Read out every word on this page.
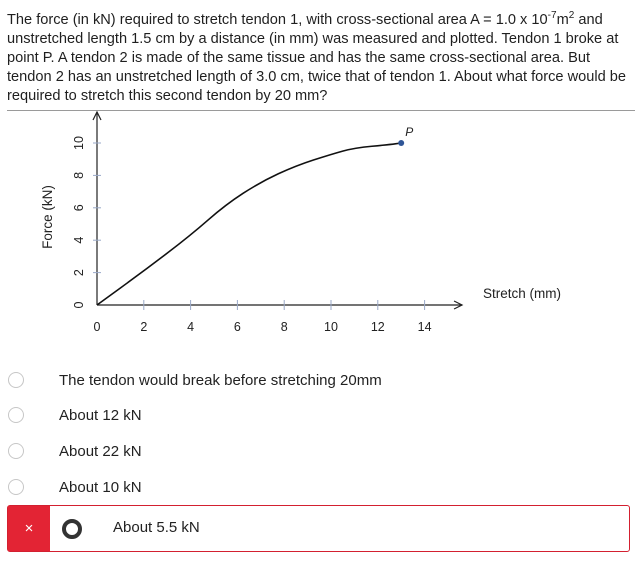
The force (in kN) required to stretch tendon 1, with cross-sectional area A = 1.0 x $10^{-7}m^2$ and unstretched length 1.5 cm by a distance (in mm) was measured and plotted. Tendon 1 broke at point P. A tendon 2 is made of the same tissue and has the same cross-sectional area. But tendon 2 has an unstretched length of 3.0 cm, twice that of tendon 1. About what force would be required to stretch this second tendon by 20 mm?
0
2
4
6
8
10
0	2	4	6	8	10	12	14
Force (kN)
Stretch (mm)
P
The tendon would break before stretching 20mm
About 12 kN
About 22 kN
About 10 kN
×	About 5.5 kN
